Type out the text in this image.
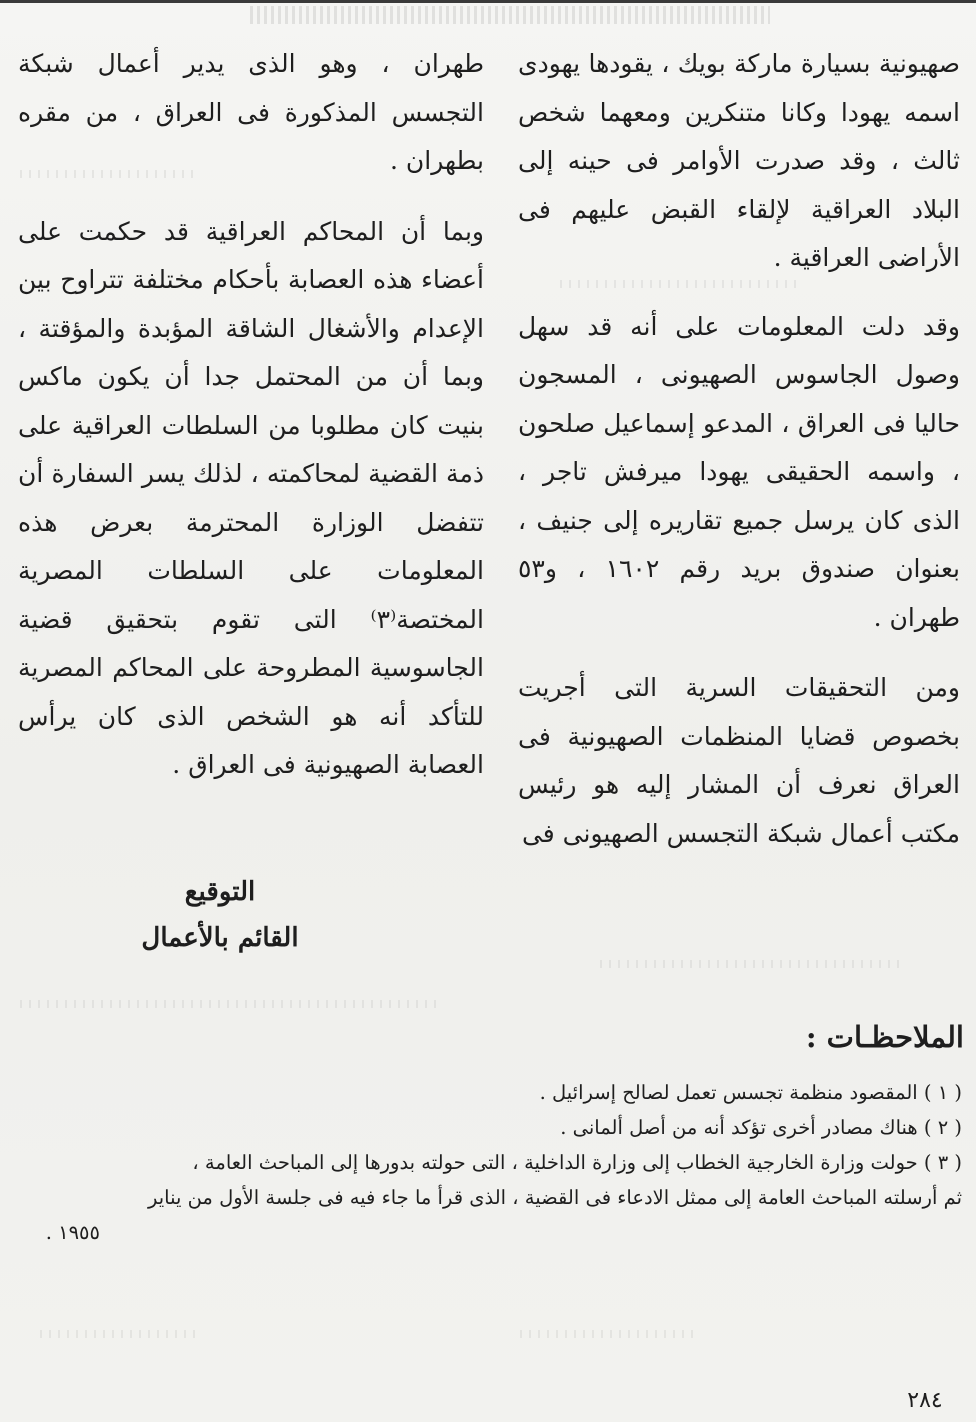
صهيونية بسيارة ماركة بويك ، يقودها يهودى اسمه يهودا وكانا متنكرين ومعهما شخص ثالث ، وقد صدرت الأوامر فى حينه إلى البلاد العراقية لإلقاء القبض عليهم فى الأراضى العراقية .

وقد دلت المعلومات على أنه قد سهل وصول الجاسوس الصهيونى ، المسجون حاليا فى العراق ، المدعو إسماعيل صلحون ، واسمه الحقيقى يهودا ميرفش تاجر ، الذى كان يرسل جميع تقاريره إلى جنيف ، بعنوان صندوق بريد رقم ١٦٠٢ ، و٥٣ طهران .

ومن التحقيقات السرية التى أجريت بخصوص قضايا المنظمات الصهيونية فى العراق نعرف أن المشار إليه هو رئيس مكتب أعمال شبكة التجسس الصهيونى فى

طهران ، وهو الذى يدير أعمال شبكة التجسس المذكورة فى العراق ، من مقره بطهران .

وبما أن المحاكم العراقية قد حكمت على أعضاء هذه العصابة بأحكام مختلفة تتراوح بين الإعدام والأشغال الشاقة المؤبدة والمؤقتة ، وبما أن من المحتمل جدا أن يكون ماكس بنيت كان مطلوبا من السلطات العراقية على ذمة القضية لمحاكمته ، لذلك يسر السفارة أن تتفضل الوزارة المحترمة بعرض هذه المعلومات على السلطات المصرية المختصة⁽٣⁾ التى تقوم بتحقيق قضية الجاسوسية المطروحة على المحاكم المصرية للتأكد أنه هو الشخص الذى كان يرأس العصابة الصهيونية فى العراق .

التوقيع
القائم بالأعمال
الملاحظـات :

( ١ ) المقصود منظمة تجسس تعمل لصالح إسرائيل .

( ٢ ) هناك مصادر أخرى تؤكد أنه من أصل ألمانى .

( ٣ ) حولت وزارة الخارجية الخطاب إلى وزارة الداخلية ، التى حولته بدورها إلى المباحث العامة ،

ثم أرسلته المباحث العامة إلى ممثل الادعاء فى القضية ، الذى قرأ ما جاء فيه فى جلسة الأول من يناير

١٩٥٥ .

٢٨٤
